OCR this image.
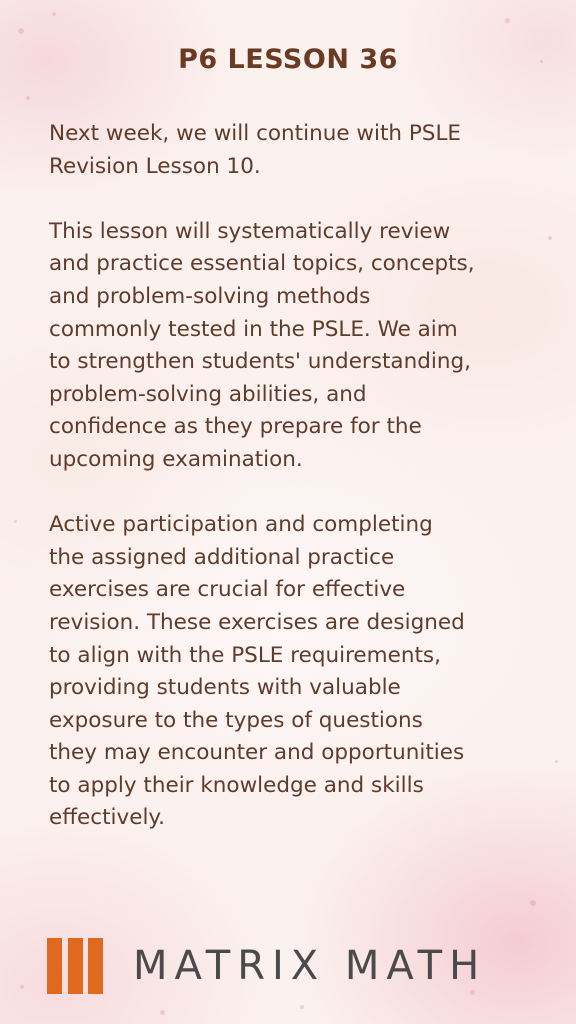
P6 LESSON 36

Next week, we will continue with PSLE
Revision Lesson 10.

This lesson will systematically review
and practice essential topics, concepts,
and problem-solving methods
commonly tested in the PSLE. We aim
to strengthen students' understanding,
problem-solving abilities, and
confidence as they prepare for the
upcoming examination.

Active participation and completing
the assigned additional practice
exercises are crucial for effective
revision. These exercises are designed
to align with the PSLE requirements,
providing students with valuable
exposure to the types of questions
they may encounter and opportunities
to apply their knowledge and skills
effectively.

MATRIX MATH
